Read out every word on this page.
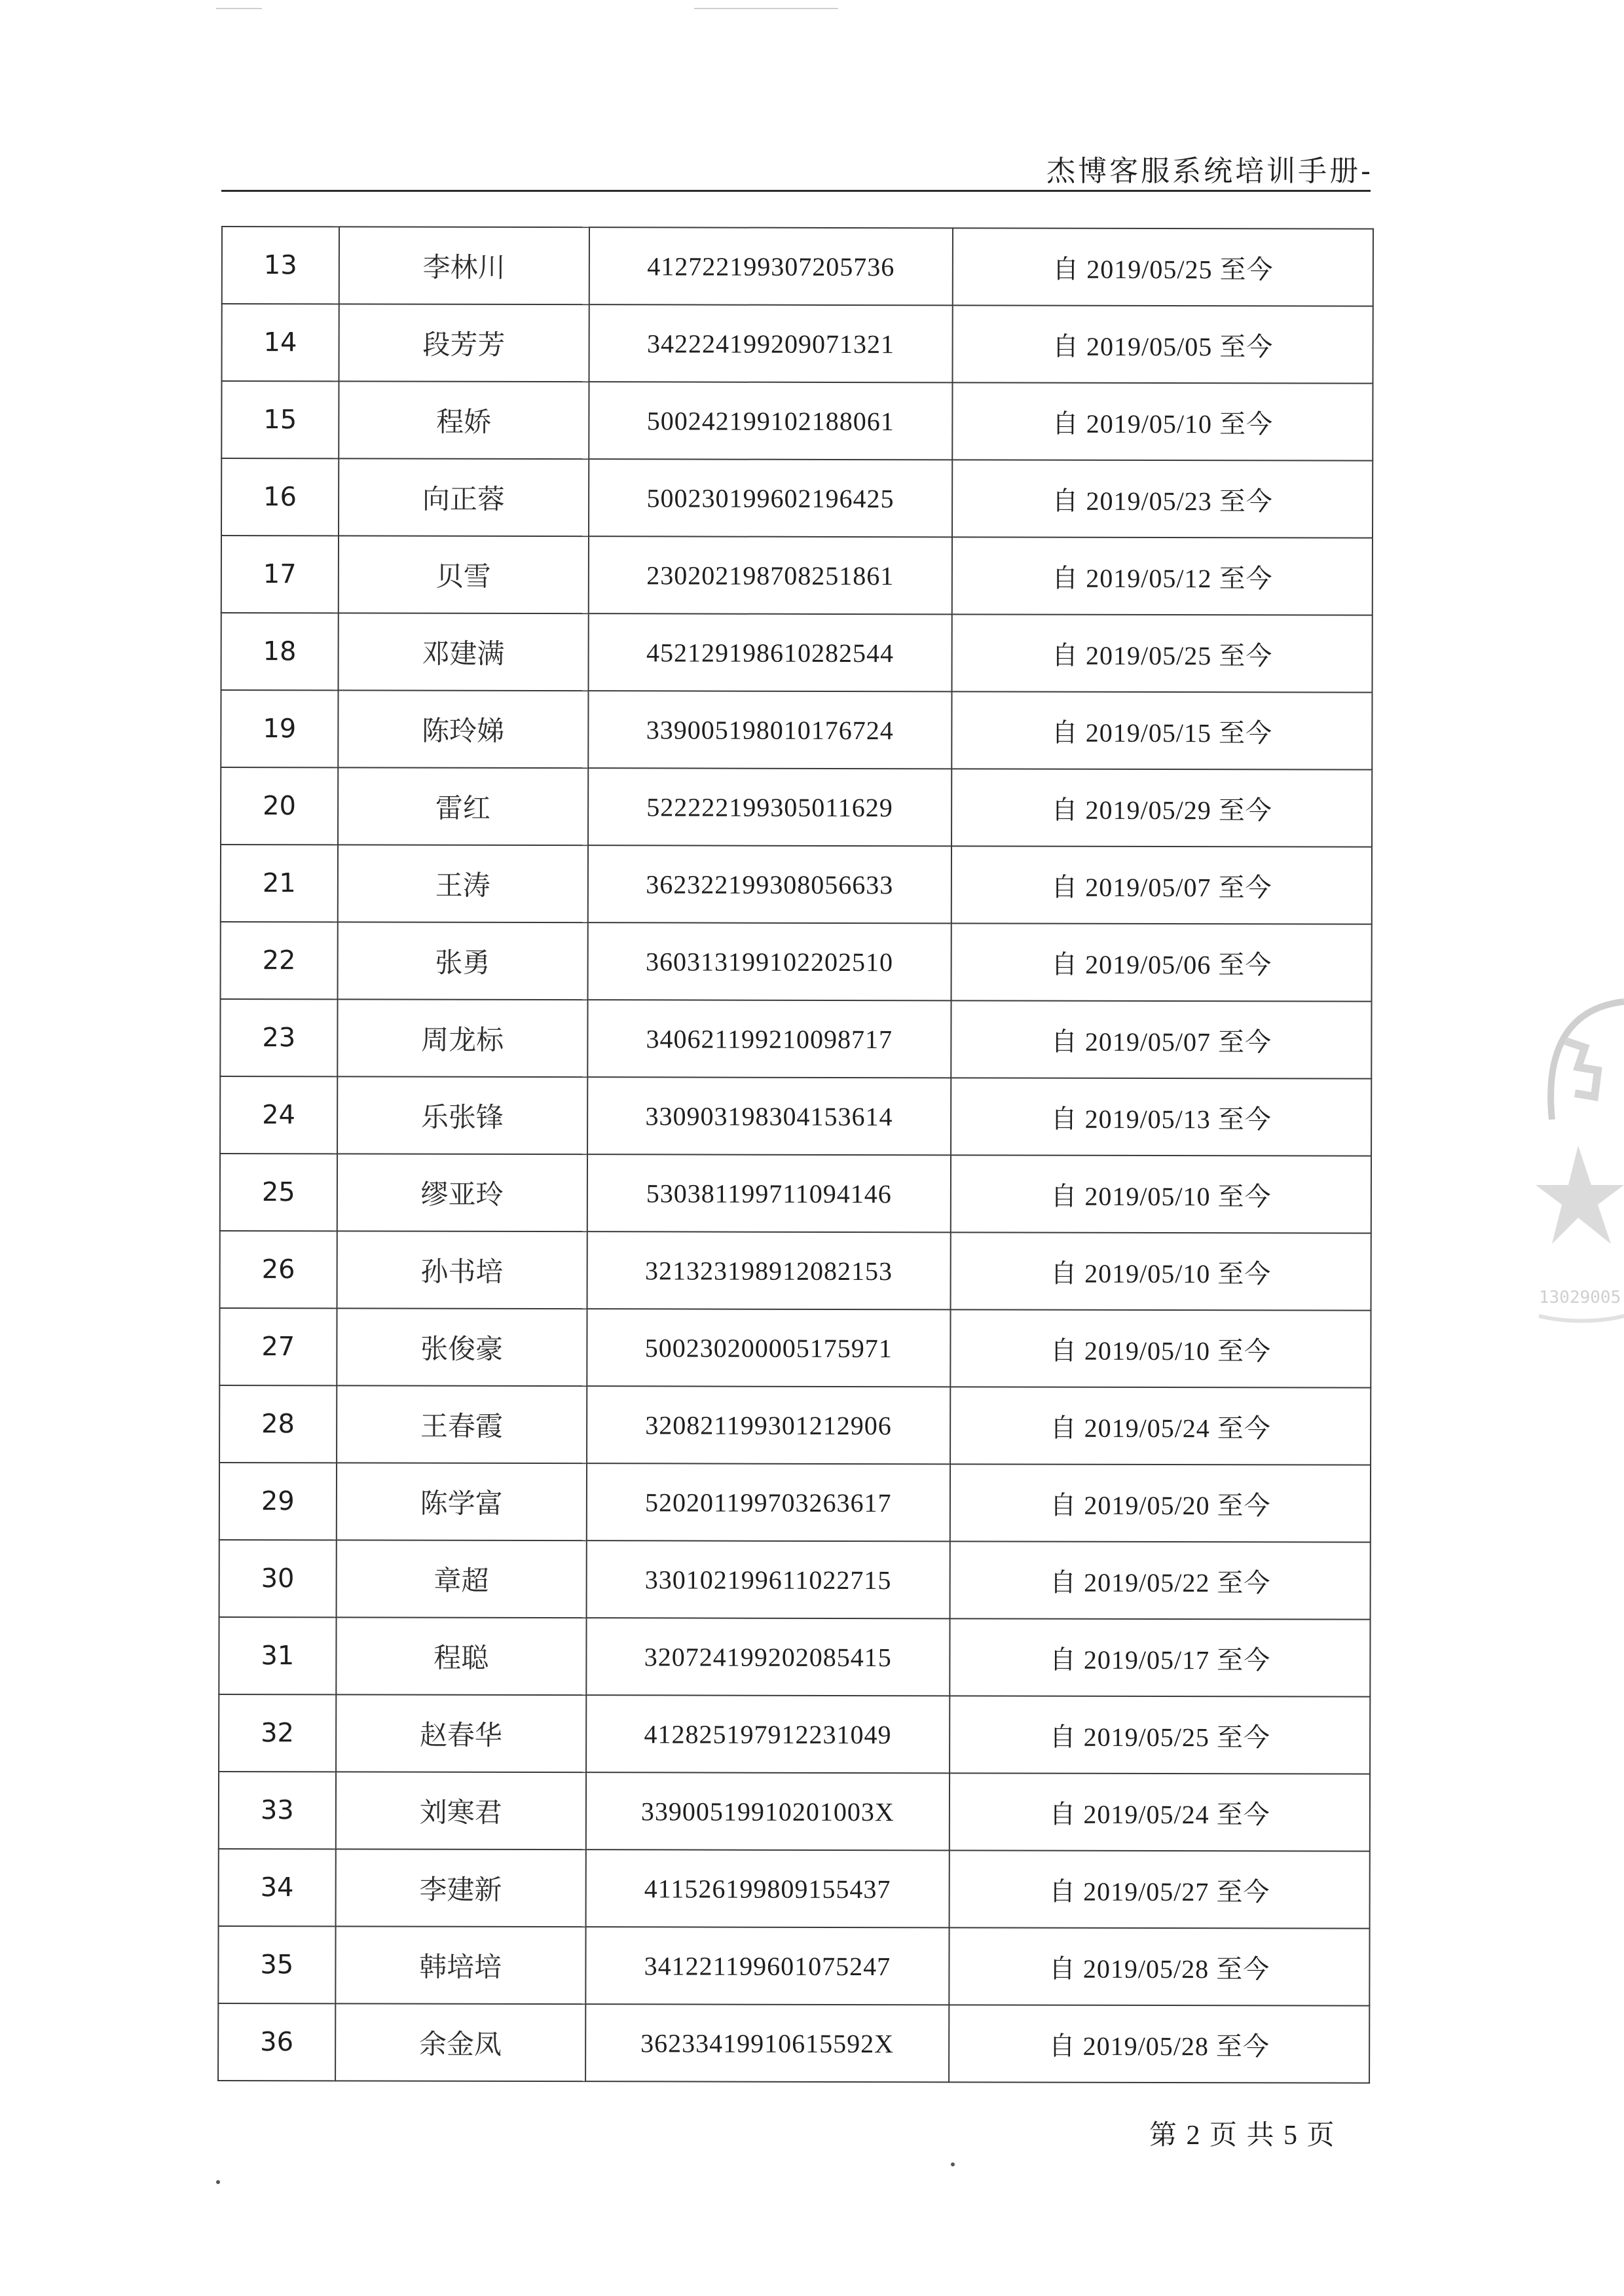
杰博客服系统培训手册-
13	李林川	412722199307205736	自 2019/05/25 至今
14	段芳芳	342224199209071321	自 2019/05/05 至今
15	程娇	500242199102188061	自 2019/05/10 至今
16	向正蓉	500230199602196425	自 2019/05/23 至今
17	贝雪	230202198708251861	自 2019/05/12 至今
18	邓建满	452129198610282544	自 2019/05/25 至今
19	陈玲娣	339005198010176724	自 2019/05/15 至今
20	雷红	522222199305011629	自 2019/05/29 至今
21	王涛	362322199308056633	自 2019/05/07 至今
22	张勇	360313199102202510	自 2019/05/06 至今
23	周龙标	340621199210098717	自 2019/05/07 至今
24	乐张锋	330903198304153614	自 2019/05/13 至今
25	缪亚玲	530381199711094146	自 2019/05/10 至今
26	孙书培	321323198912082153	自 2019/05/10 至今
27	张俊豪	500230200005175971	自 2019/05/10 至今
28	王春霞	320821199301212906	自 2019/05/24 至今
29	陈学富	520201199703263617	自 2019/05/20 至今
30	章超	330102199611022715	自 2019/05/22 至今
31	程聪	320724199202085415	自 2019/05/17 至今
32	赵春华	412825197912231049	自 2019/05/25 至今
33	刘寒君	33900519910201003X	自 2019/05/24 至今
34	李建新	411526199809155437	自 2019/05/27 至今
35	韩培培	341221199601075247	自 2019/05/28 至今
36	余金凤	36233419910615592X	自 2019/05/28 至今
13029005
第 2 页 共 5 页
